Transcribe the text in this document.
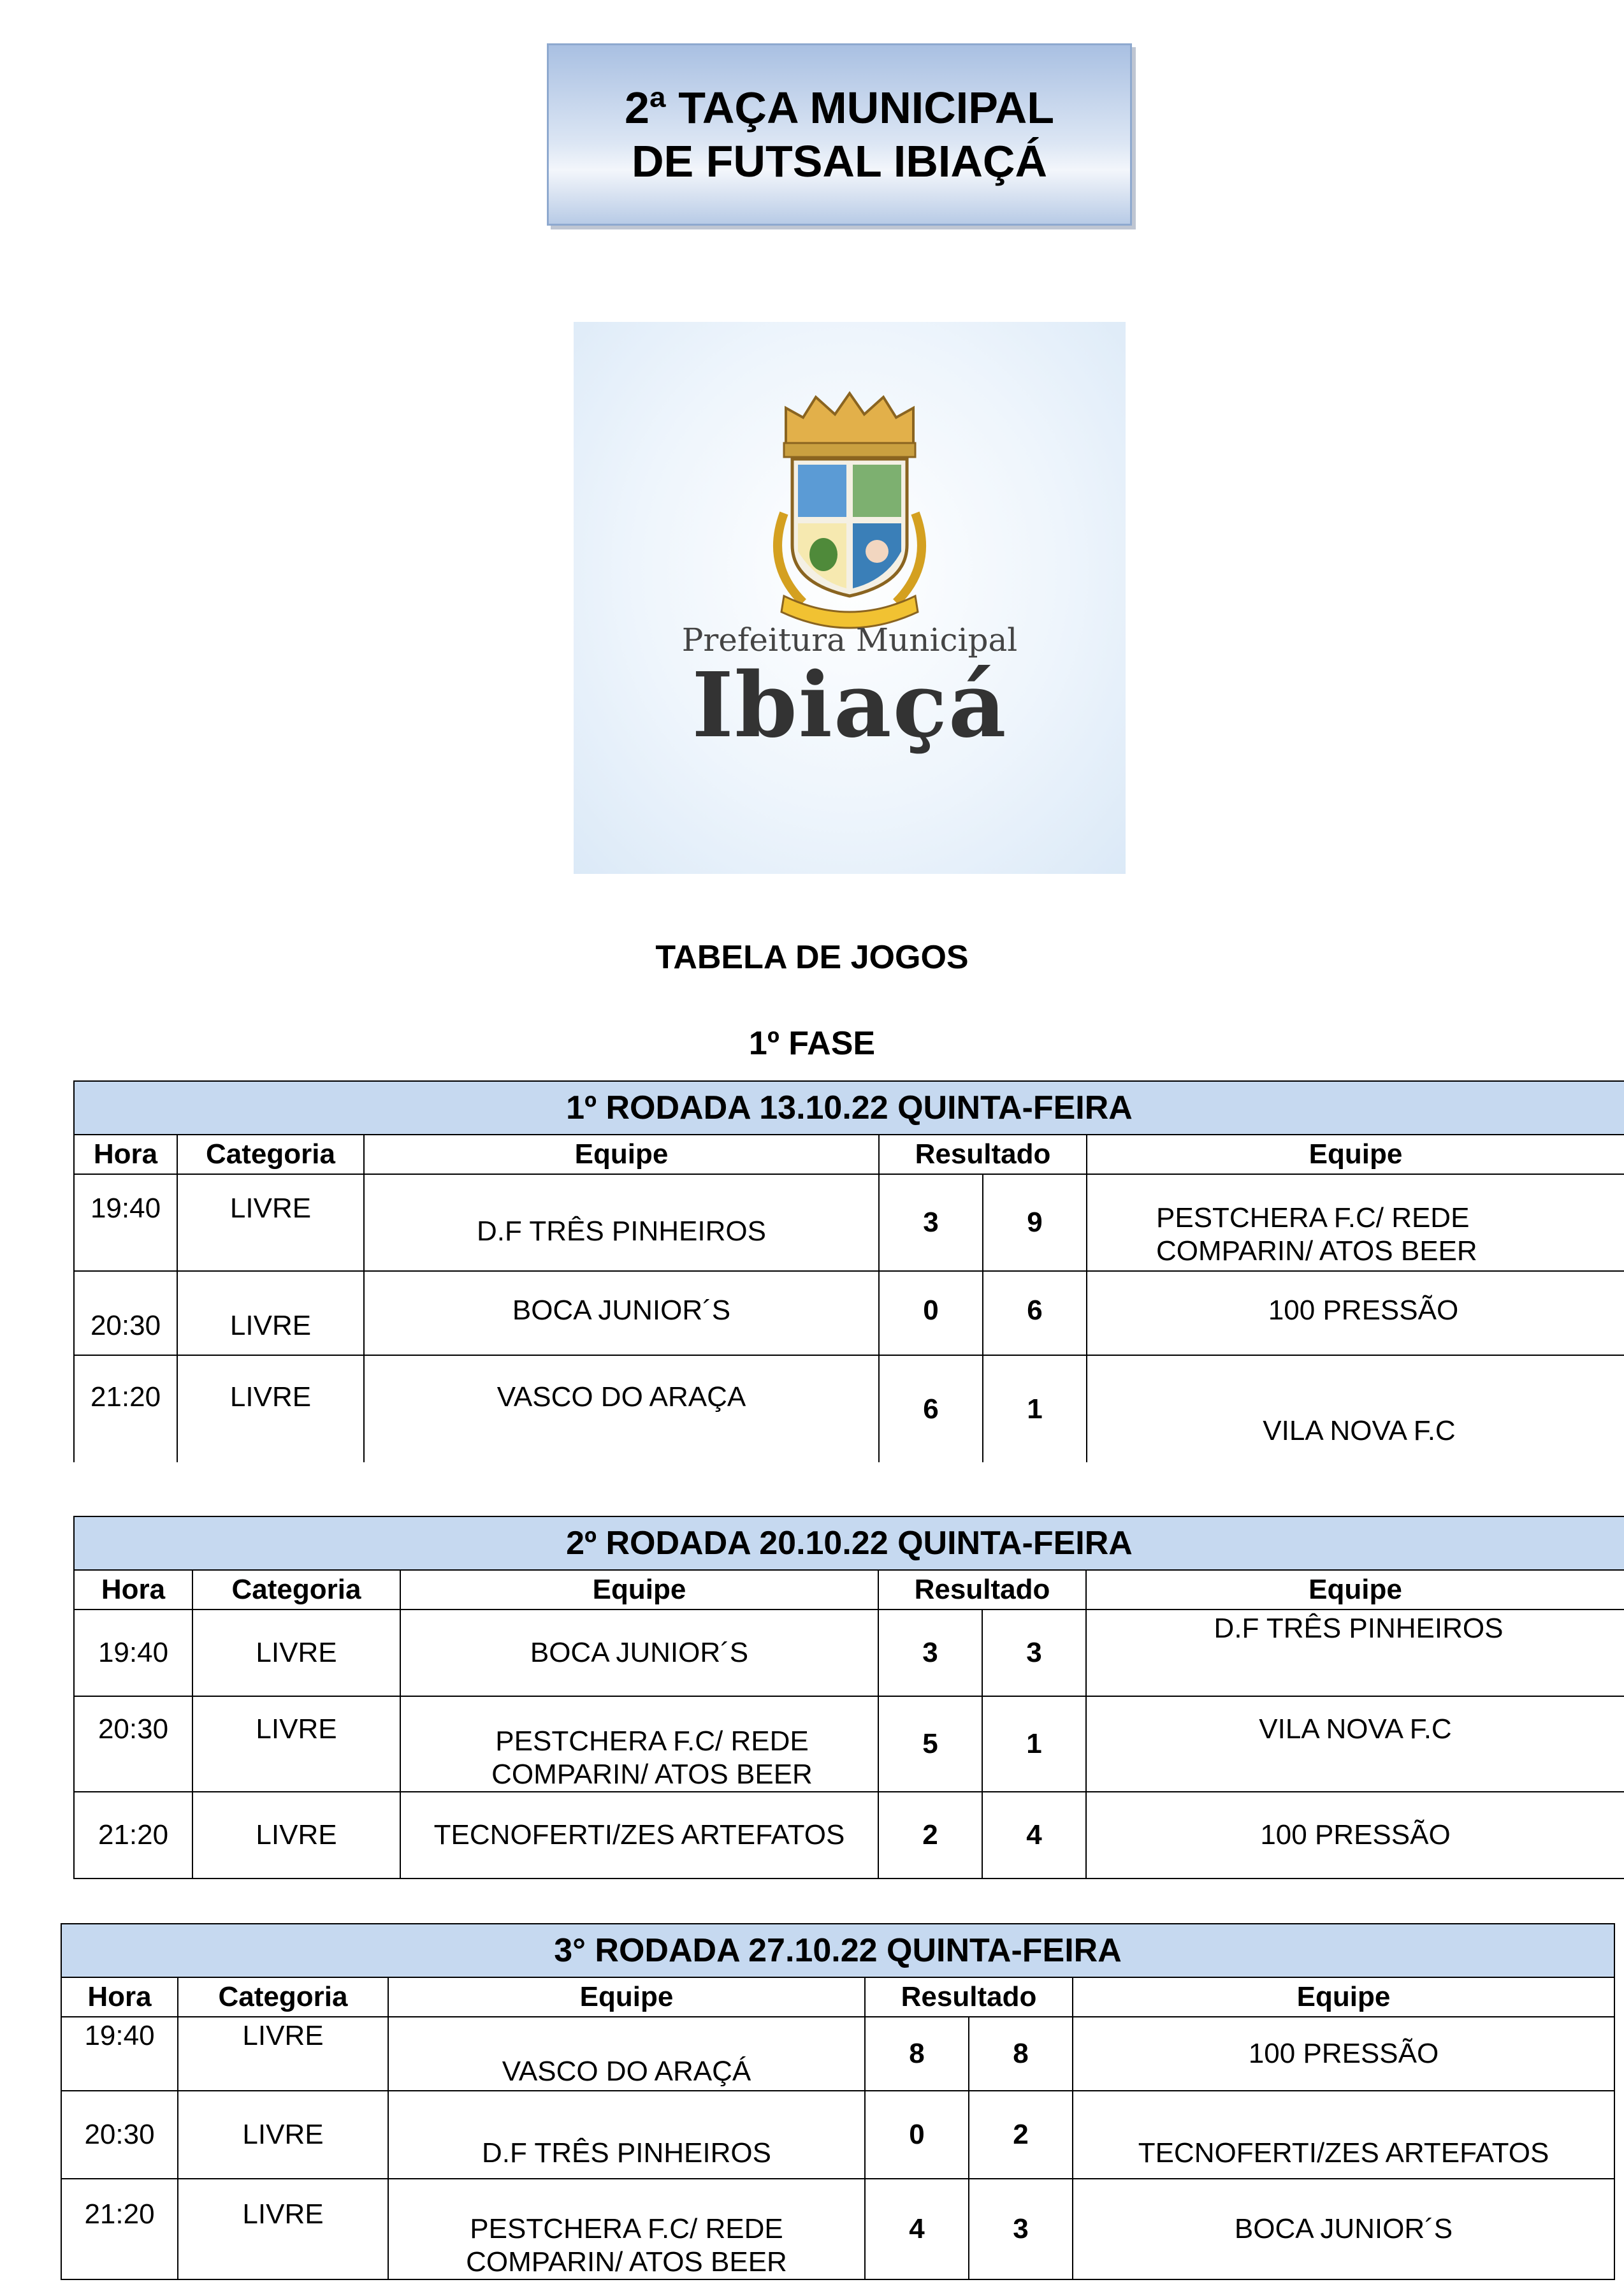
2ª TAÇA MUNICIPAL
DE FUTSAL IBIAÇÁ
Prefeitura Municipal
Ibiaçá
TABELA DE JOGOS
1º FASE
1º RODADA 13.10.22 QUINTA-FEIRA					
Hora	Categoria	Equipe	Resultado		Equipe
19:40	LIVRE	D.F TRÊS PINHEIROS	3	9	PESTCHERA F.C/ REDE
COMPARIN/ ATOS BEER

20:30	LIVRE	BOCA JUNIOR´S	0	6	100 PRESSÃO
21:20	LIVRE	VASCO DO ARAÇA	6	1	VILA NOVA F.C
2º RODADA 20.10.22 QUINTA-FEIRA					
Hora	Categoria	Equipe	Resultado		Equipe
19:40	LIVRE	BOCA JUNIOR´S	3	3	D.F TRÊS PINHEIROS
20:30	LIVRE	PESTCHERA F.C/ REDE
COMPARIN/ ATOS BEER	5	1	VILA NOVA F.C
21:20	LIVRE	TECNOFERTI/ZES ARTEFATOS	2	4	100 PRESSÃO
3° RODADA 27.10.22 QUINTA-FEIRA					
Hora	Categoria	Equipe	Resultado		Equipe
19:40	LIVRE	VASCO DO ARAÇÁ	8	8	100 PRESSÃO
20:30	LIVRE	D.F TRÊS PINHEIROS	0	2	TECNOFERTI/ZES ARTEFATOS
21:20	LIVRE	PESTCHERA F.C/ REDE
COMPARIN/ ATOS BEER	4	3	BOCA JUNIOR´S
